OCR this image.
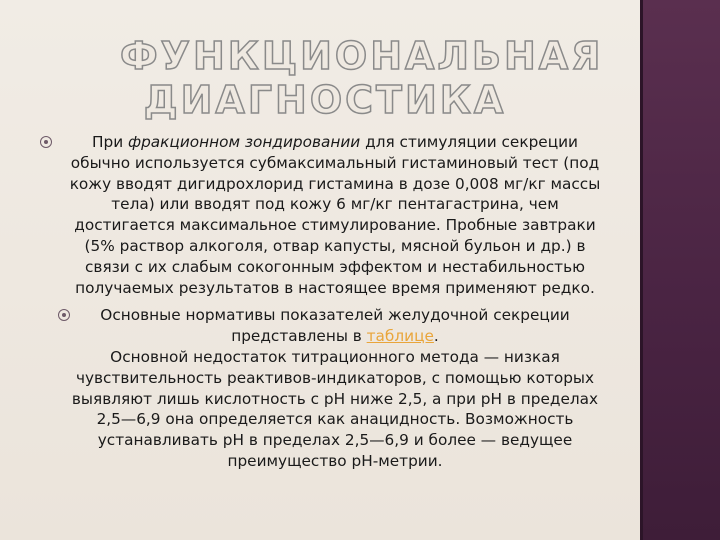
ФУНКЦИОНАЛЬНАЯ ДИАГНОСТИКА

При фракционном зондировании для стимуляции секреции обычно используется субмаксимальный гистаминовый тест (под кожу вводят дигидрохлорид гистамина в дозе 0,008 мг/кг массы тела) или вводят под кожу 6 мг/кг пентагастрина, чем достигается максимальное стимулирование. Пробные завтраки (5% раствор алкоголя, отвар капусты, мясной бульон и др.) в связи с их слабым сокогонным эффектом и нестабильностью получаемых результатов в настоящее время применяют редко.

Основные нормативы показателей желудочной секреции представлены в таблице.
Основной недостаток титрационного метода — низкая чувствительность реактивов-индикаторов, с помощью которых выявляют лишь кислотность с рН ниже 2,5, а при рН в пределах 2,5—6,9 она определяется как анацидность. Возможность устанавливать рН в пределах 2,5—6,9 и более — ведущее преимущество рН-метрии.
